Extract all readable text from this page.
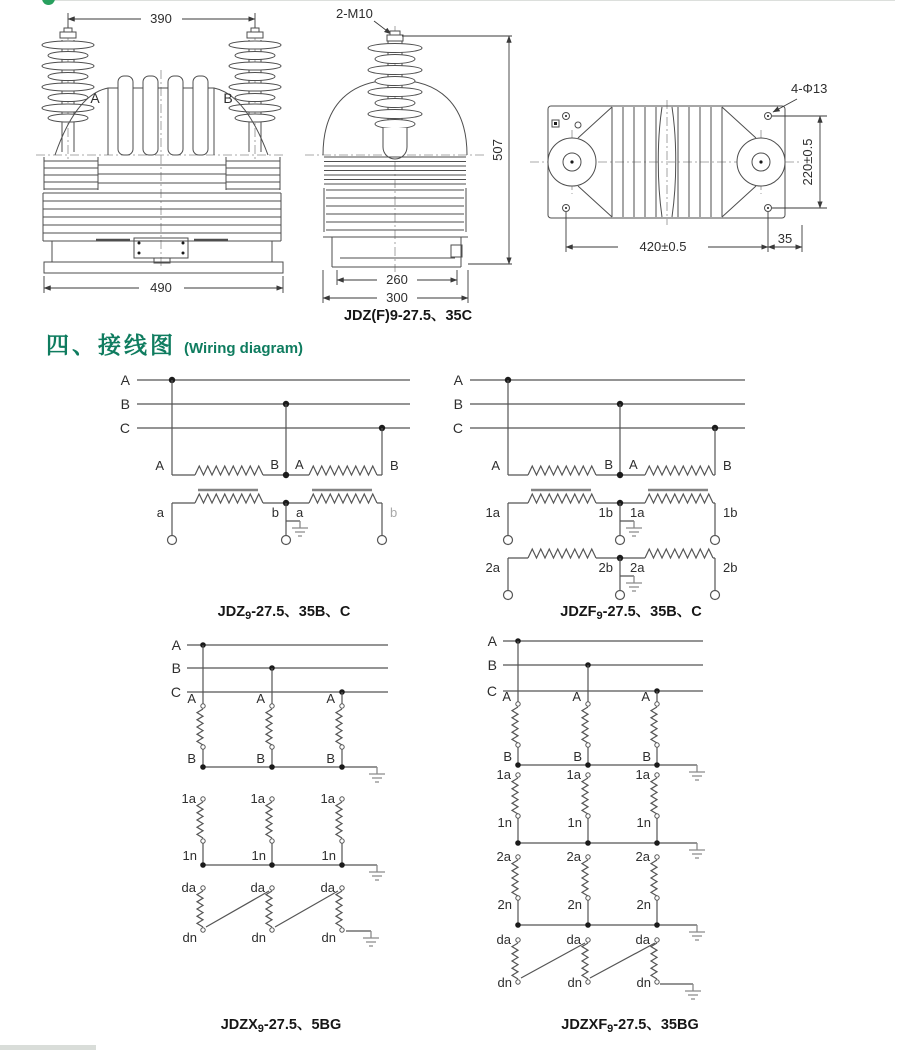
390
A	B
490
2-M10
507
260
300
JDZ(F)9-27.5、35C
4-Φ13
220±0.5
420±0.5
35
四、接线图 (Wiring diagram)
A
B
C
A	B A	B
a	b a	b
$JDZ_9-27.5$、35B、C
A
B
C
A	B A	B
1a	1b 1a	1b
2a	2b 2a	2b
$JDZF_9-27.5$、35B、C
A
B
C A	A	A
B	B	B
1a	1a	1a
1n	1n	1n
da	da	da
dn	dn	dn
$JDZX_9-27.5$、5BG
A
B
C A	A	A
B	B	B
1a	1a	1a
1n	1n	1n
2a	2a	2a
2n	2n	2n
da	da	da
dn	dn	dn
$JDZXF_9-27.5$、35BG
